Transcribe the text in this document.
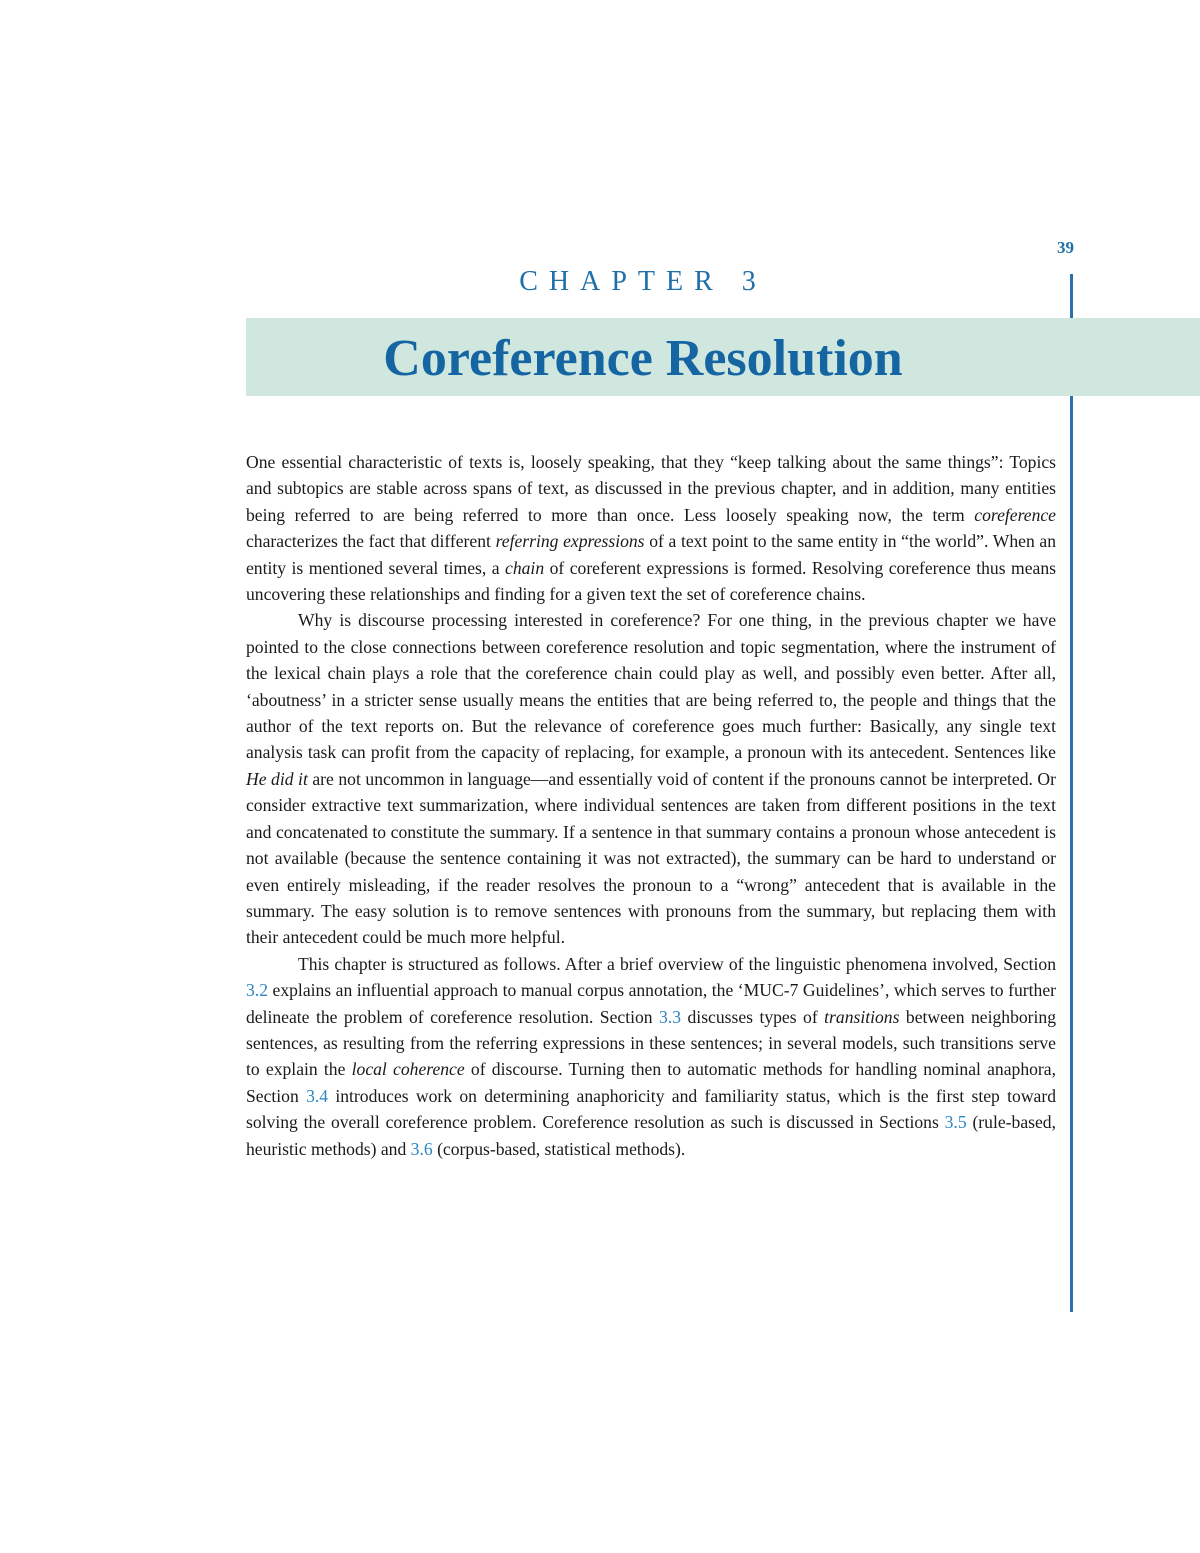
39
CHAPTER 3
Coreference Resolution

One essential characteristic of texts is, loosely speaking, that they “keep talking about the same things”: Topics and subtopics are stable across spans of text, as discussed in the previous chapter, and in addition, many entities being referred to are being referred to more than once. Less loosely speaking now, the term coreference characterizes the fact that different referring expressions of a text point to the same entity in “the world”. When an entity is mentioned several times, a chain of coreferent expressions is formed. Resolving coreference thus means uncovering these relationships and finding for a given text the set of coreference chains.

Why is discourse processing interested in coreference? For one thing, in the previous chapter we have pointed to the close connections between coreference resolution and topic segmentation, where the instrument of the lexical chain plays a role that the coreference chain could play as well, and possibly even better. After all, ‘aboutness’ in a stricter sense usually means the entities that are being referred to, the people and things that the author of the text reports on. But the relevance of coreference goes much further: Basically, any single text analysis task can profit from the capacity of replacing, for example, a pronoun with its antecedent. Sentences like He did it are not uncommon in language—and essentially void of content if the pronouns cannot be interpreted. Or consider extractive text summarization, where individual sentences are taken from different positions in the text and concatenated to constitute the summary. If a sentence in that summary contains a pronoun whose antecedent is not available (because the sentence containing it was not extracted), the summary can be hard to understand or even entirely misleading, if the reader resolves the pronoun to a “wrong” antecedent that is available in the summary. The easy solution is to remove sentences with pronouns from the summary, but replacing them with their antecedent could be much more helpful.

This chapter is structured as follows. After a brief overview of the linguistic phenomena involved, Section 3.2 explains an influential approach to manual corpus annotation, the ‘MUC-7 Guidelines’, which serves to further delineate the problem of coreference resolution. Section 3.3 discusses types of transitions between neighboring sentences, as resulting from the referring expressions in these sentences; in several models, such transitions serve to explain the local coherence of discourse. Turning then to automatic methods for handling nominal anaphora, Section 3.4 introduces work on determining anaphoricity and familiarity status, which is the first step toward solving the overall coreference problem. Coreference resolution as such is discussed in Sections 3.5 (rule-based, heuristic methods) and 3.6 (corpus-based, statistical methods).
